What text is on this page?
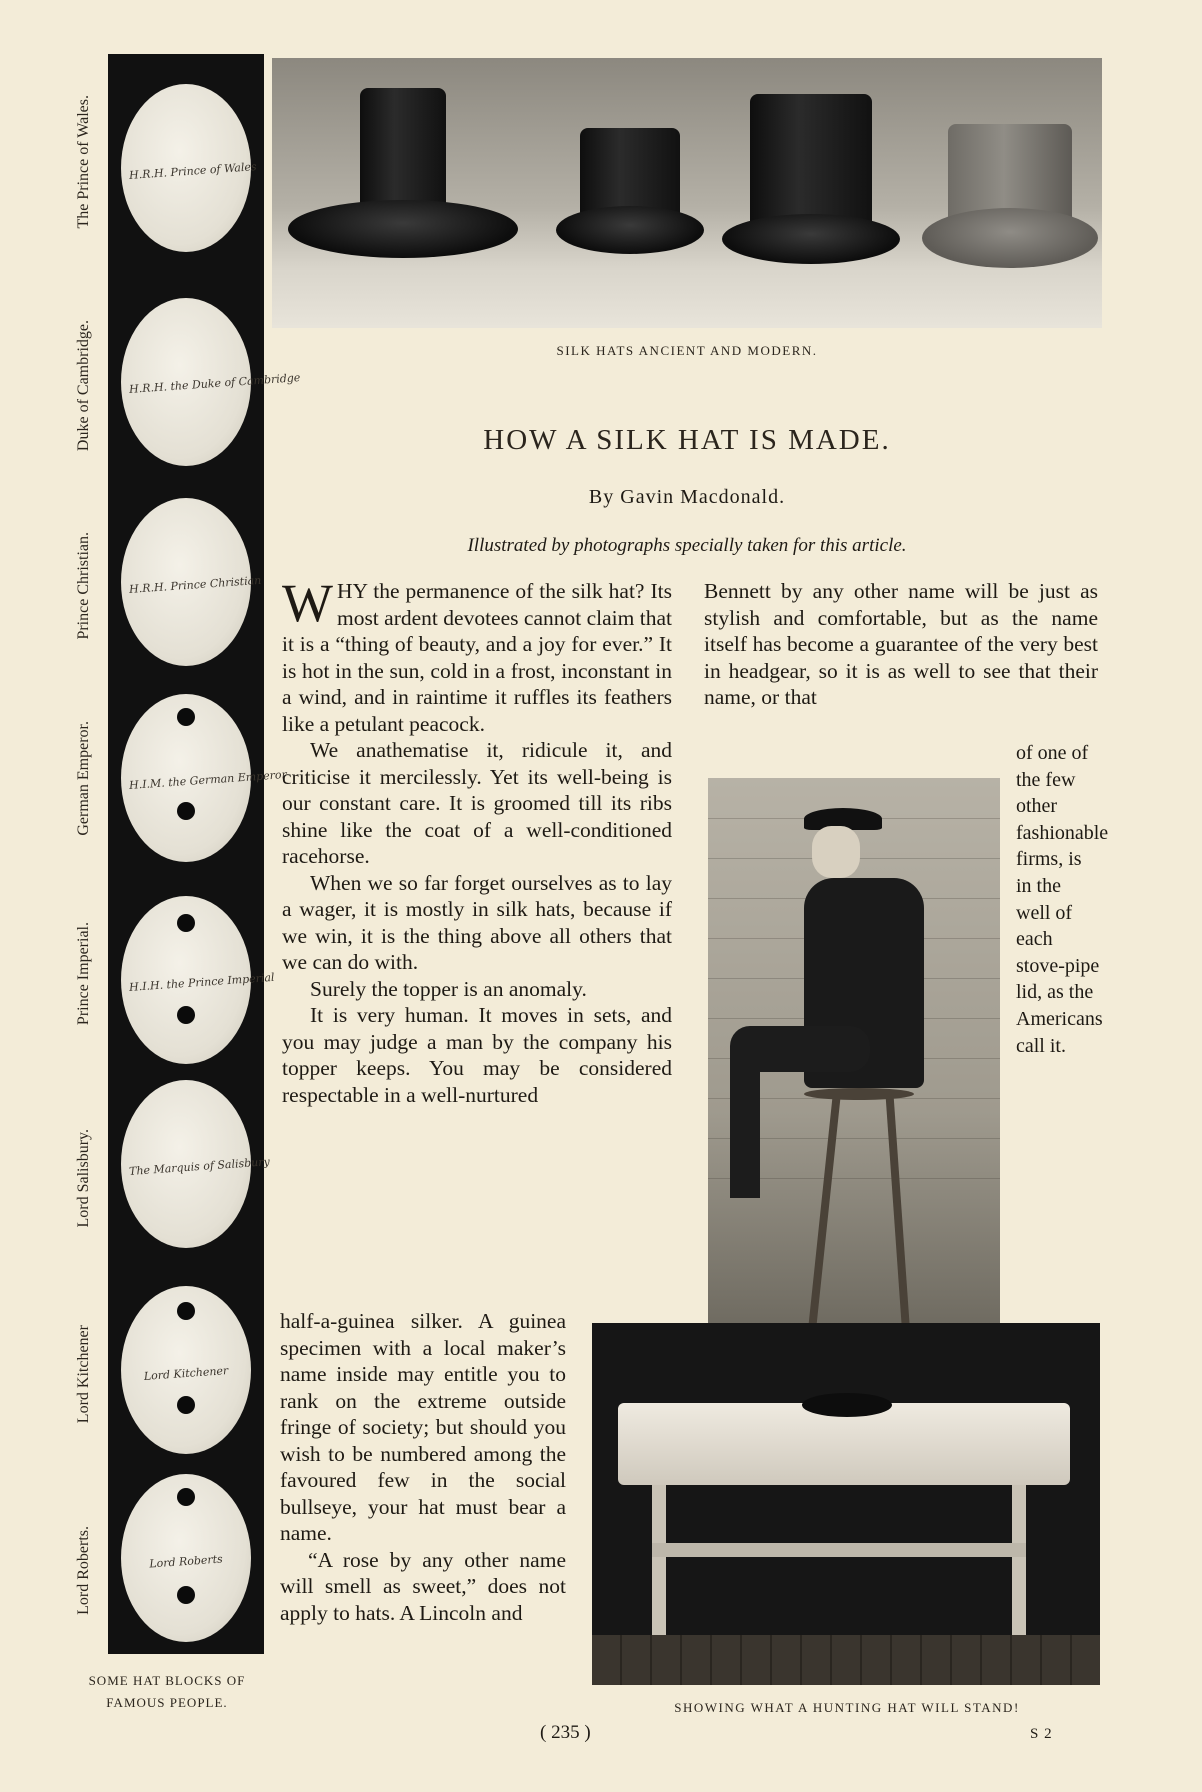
H.R.H. Prince of Wales
H.R.H. the Duke of Cambridge
H.R.H. Prince Christian
H.I.M. the German Emperor
H.I.H. the Prince Imperial
The Marquis of Salisbury
Lord Kitchener
Lord Roberts
The Prince of Wales.
Duke of Cambridge.
Prince Christian.
German Emperor.
Prince Imperial.
Lord Salisbury.
Lord Kitchener
Lord Roberts.
SOME HAT BLOCKS OF FAMOUS PEOPLE.
SILK HATS ANCIENT AND MODERN.
HOW A SILK HAT IS MADE.
By Gavin Macdonald.
Illustrated by photographs specially taken for this article.

WHY the permanence of the silk hat? Its most ardent devotees cannot claim that it is a “thing of beauty, and a joy for ever.” It is hot in the sun, cold in a frost, inconstant in a wind, and in raintime it ruffles its feathers like a petulant peacock.

We anathematise it, ridicule it, and criticise it mercilessly. Yet its well-being is our constant care. It is groomed till its ribs shine like the coat of a well-conditioned racehorse.

When we so far forget ourselves as to lay a wager, it is mostly in silk hats, because if we win, it is the thing above all others that we can do with.

Surely the topper is an anomaly.

It is very human. It moves in sets, and you may judge a man by the company his topper keeps. You may be considered respectable in a well-nurtured

half-a-guinea silker. A guinea specimen with a local maker’s name inside may entitle you to rank on the extreme outside fringe of society; but should you wish to be numbered among the favoured few in the social bullseye, your hat must bear a name.

“A rose by any other name will smell as sweet,” does not apply to hats. A Lincoln and

Bennett by any other name will be just as stylish and comfortable, but as the name itself has become a guarantee of the very best in headgear, so it is as well to see that their name, or that

of one of the few other fashionable firms, is in the well of each stove-pipe lid, as the Americans call it.

SHOWING WHAT A HUNTING HAT WILL STAND!
( 235 )	S 2
